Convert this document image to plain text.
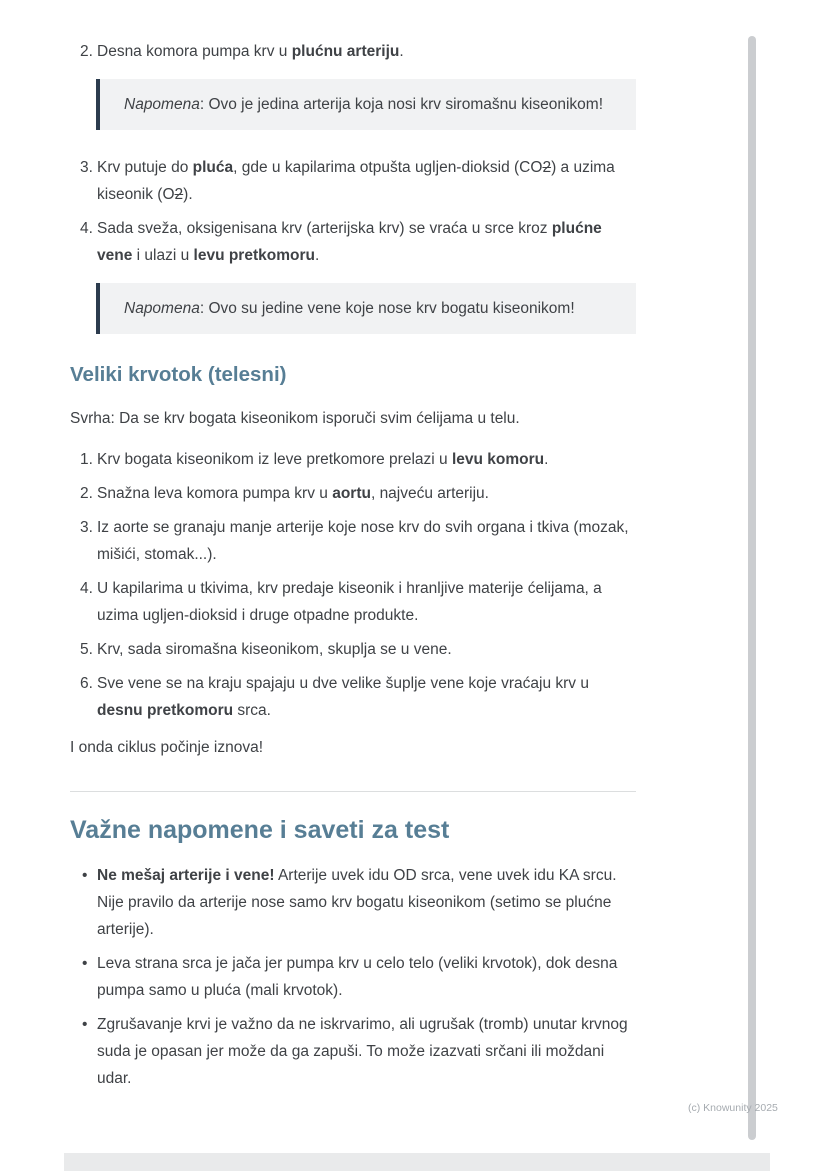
2. Desna komora pumpa krv u plućnu arteriju.
Napomena: Ovo je jedina arterija koja nosi krv siromašnu kiseonikom!
3. Krv putuje do pluća, gde u kapilarima otpušta ugljen-dioksid (CO2) a uzima kiseonik (O2).
4. Sada sveža, oksigenisana krv (arterijska krv) se vraća u srce kroz plućne vene i ulazi u levu pretkomoru.
Napomena: Ovo su jedine vene koje nose krv bogatu kiseonikom!
Veliki krvotok (telesni)
Svrha: Da se krv bogata kiseonikom isporuči svim ćelijama u telu.
1. Krv bogata kiseonikom iz leve pretkomore prelazi u levu komoru.
2. Snažna leva komora pumpa krv u aortu, najveću arteriju.
3. Iz aorte se granaju manje arterije koje nose krv do svih organa i tkiva (mozak, mišići, stomak...).
4. U kapilarima u tkivima, krv predaje kiseonik i hranljive materije ćelijama, a uzima ugljen-dioksid i druge otpadne produkte.
5. Krv, sada siromašna kiseonikom, skuplja se u vene.
6. Sve vene se na kraju spajaju u dve velike šuplje vene koje vraćaju krv u desnu pretkomoru srca.
I onda ciklus počinje iznova!
Važne napomene i saveti za test
• Ne mešaj arterije i vene! Arterije uvek idu OD srca, vene uvek idu KA srcu. Nije pravilo da arterije nose samo krv bogatu kiseonikom (setimo se plućne arterije).
• Leva strana srca je jača jer pumpa krv u celo telo (veliki krvotok), dok desna pumpa samo u pluća (mali krvotok).
• Zgrušavanje krvi je važno da ne iskrvarimo, ali ugrušak (tromb) unutar krvnog suda je opasan jer može da ga zapuši. To može izazvati srčani ili moždani udar.
(c) Knowunity 2025
